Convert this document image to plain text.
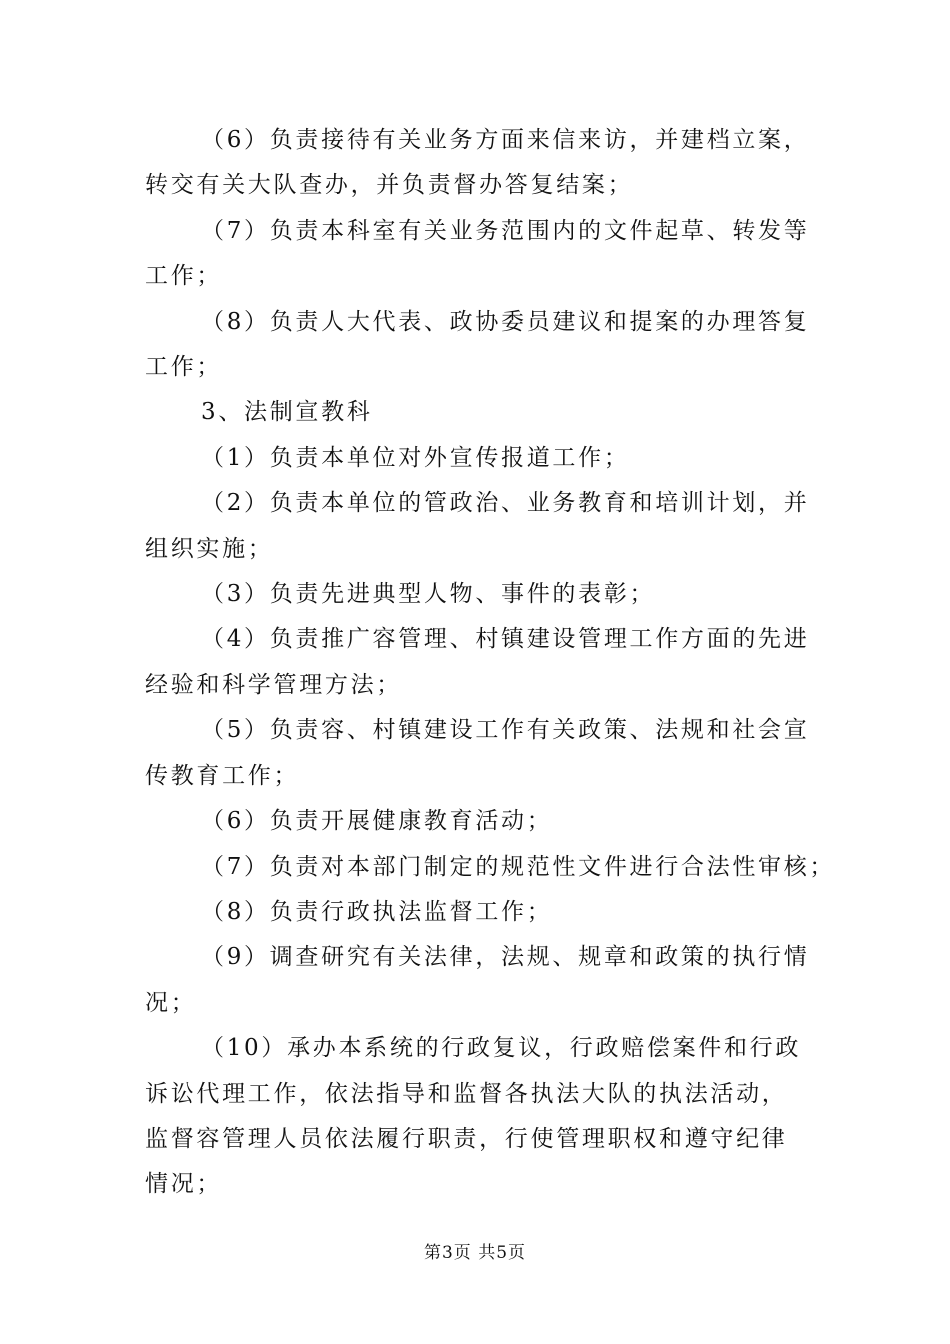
（6）负责接待有关业务方面来信来访，并建档立案，
转交有关大队查办，并负责督办答复结案；

（7）负责本科室有关业务范围内的文件起草、转发等
工作；

（8）负责人大代表、政协委员建议和提案的办理答复
工作；

3、法制宣教科

（1）负责本单位对外宣传报道工作；

（2）负责本单位的管政治、业务教育和培训计划，并
组织实施；

（3）负责先进典型人物、事件的表彰；

（4）负责推广容管理、村镇建设管理工作方面的先进
经验和科学管理方法；

（5）负责容、村镇建设工作有关政策、法规和社会宣
传教育工作；

（6）负责开展健康教育活动；

（7）负责对本部门制定的规范性文件进行合法性审核；

（8）负责行政执法监督工作；

（9）调查研究有关法律，法规、规章和政策的执行情
况；

（10）承办本系统的行政复议，行政赔偿案件和行政
诉讼代理工作，依法指导和监督各执法大队的执法活动，
监督容管理人员依法履行职责，行使管理职权和遵守纪律
情况；

第3页 共5页
